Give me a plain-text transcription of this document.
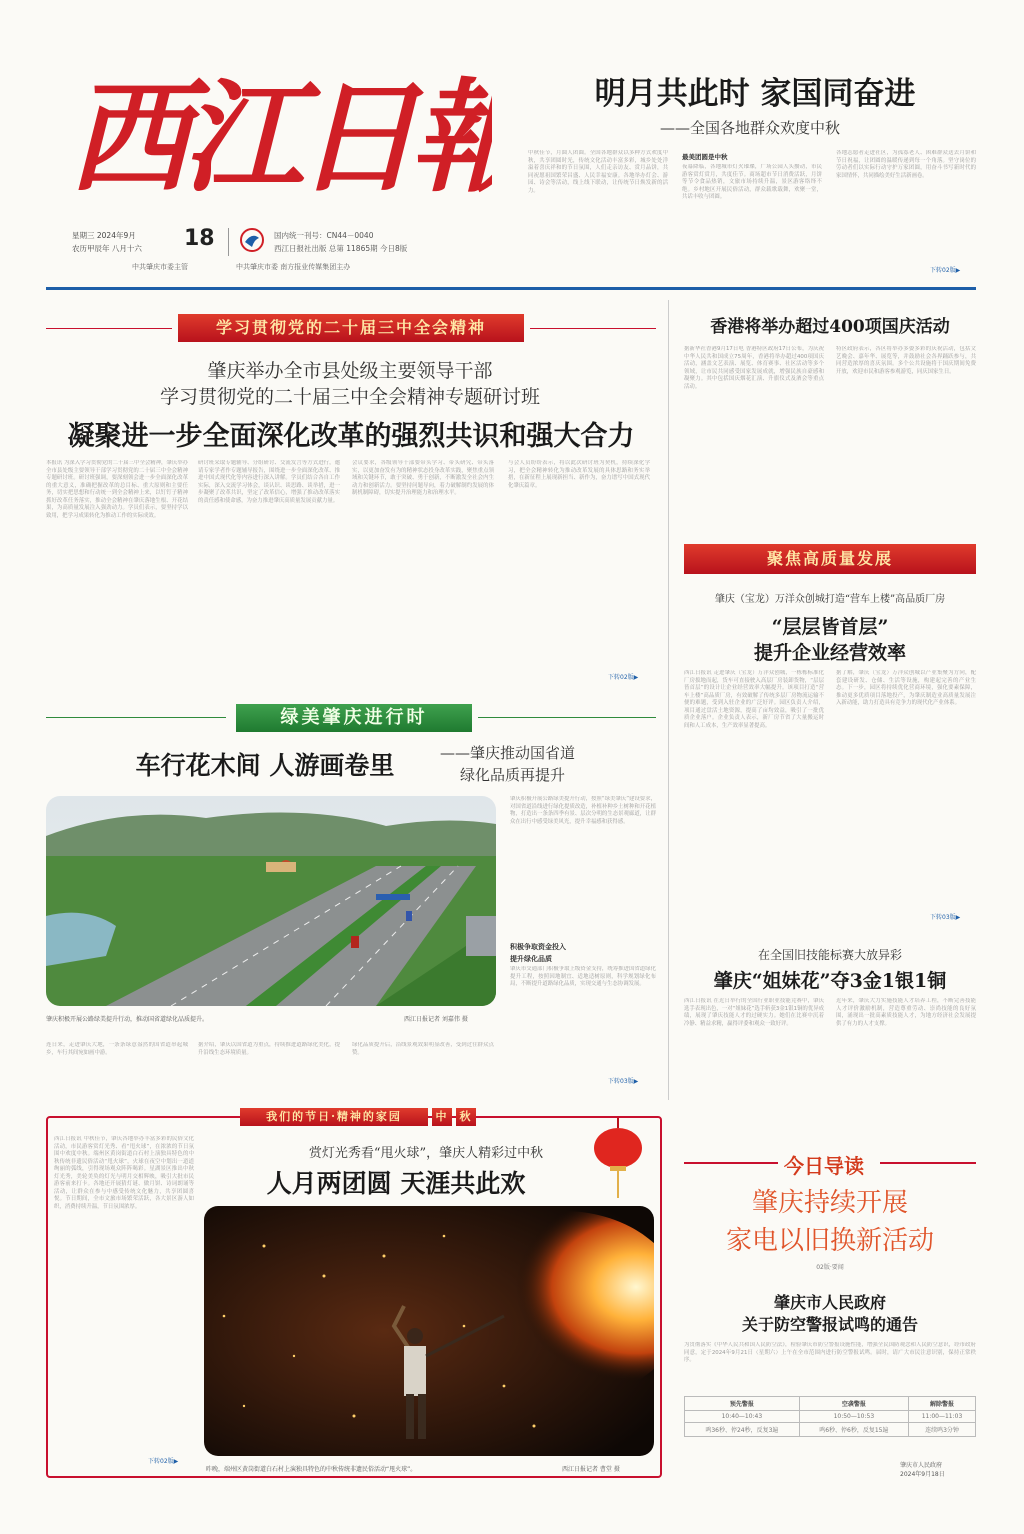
西江日報
星期三 2024年9月
农历甲辰年 八月十六 18	国内统一刊号：CN44－0040
西江日报社出版 总第 11865期 今日8版
中共肇庆市委主管	中共肇庆市委 南方报业传媒集团主办
明月共此时 家国同奋进
——全国各地群众欢度中秋
中秋佳节，月圆人团圆。全国各地群众以多种方式欢度中秋，共享团圆时光，传统文化活动丰富多彩，城乡处处洋溢着喜庆祥和的节日氛围，人们走亲访友、赏月品饼，共同祝愿祖国繁荣昌盛、人民幸福安康。各地举办灯会、游园、诗会等活动，线上线下联动，让传统节日焕发新的活力。
最美团圆是中秋
夜幕降临，各地城市灯火璀璨，广场公园人头攒动，市民游客赏灯赏月，共度佳节。商场超市节日消费活跃，月饼等节令食品热销，文旅市场持续升温，景区游客络绎不绝。乡村地区开展民俗活动，群众载歌载舞，欢聚一堂，共话丰收与团圆。
各地志愿者走进社区，为孤寡老人、困难群众送去月饼和节日祝福，让团圆的温暖传递到每一个角落。坚守岗位的劳动者们以实际行动守护万家团圆，用奋斗书写新时代的家国情怀，共同描绘美好生活新画卷。
下转02版▶
学习贯彻党的二十届三中全会精神
肇庆举办全市县处级主要领导干部
学习贯彻党的二十届三中全会精神专题研讨班
凝聚进一步全面深化改革的强烈共识和强大合力
本报讯 为深入学习贯彻党的二十届三中全会精神，肇庆举办全市县处级主要领导干部学习贯彻党的二十届三中全会精神专题研讨班。研讨班强调，要深刻领会进一步全面深化改革的重大意义，准确把握改革的总目标、重大原则和主要任务，切实把思想和行动统一到全会精神上来，以钉钉子精神抓好改革任务落实，推动全会精神在肇庆落地生根、开花结果，为高质量发展注入强劲动力。学员们表示，要坚持学以致用，把学习成果转化为推动工作的实际成效。
研讨班采取专题辅导、分组研讨、交流发言等方式进行，邀请专家学者作专题辅导报告，围绕进一步全面深化改革、推进中国式现代化等内容进行深入讲解。学员们结合各自工作实际，深入交流学习体会，谈认识、谈思路、谈举措，进一步凝聚了改革共识，坚定了改革信心，增强了推动改革落实的责任感和使命感，为奋力推进肇庆高质量发展贡献力量。
会议要求，各级领导干部要带头学习、带头研究、带头落实，以更加奋发有为的精神状态投身改革实践，聚焦重点领域和关键环节，敢于突破、勇于创新，不断激发全社会内生动力和创新活力。要坚持问题导向，着力破解制约发展的体制机制障碍，切实提升治理能力和治理水平。
与会人员纷纷表示，将以此次研讨班为契机，持续深化学习，把全会精神转化为推动改革发展的具体思路和务实举措，在新征程上展现新担当、新作为，奋力谱写中国式现代化肇庆篇章。
下转02版▶
香港将举办超过400项国庆活动
据新华社香港9月17日电 香港特区政府17日公布，为庆祝中华人民共和国成立75周年，香港将举办超过400项国庆活动，涵盖文艺表演、展览、体育赛事、社区活动等多个领域，让市民共同感受国家发展成就，增强民族自豪感和凝聚力。其中包括国庆烟花汇演、升旗仪式及酒会等重点活动。
特区政府表示，各区将举办多姿多彩的庆祝活动，包括文艺晚会、嘉年华、展览等，并鼓励社会各界踊跃参与，共同营造浓厚的喜庆氛围。多个公共设施将于国庆期间免费开放，欢迎市民和游客参观游览，同庆国家生日。
聚焦高质量发展
肇庆（宝龙）万洋众创城打造“营车上楼”高品质厂房
“层层皆首层”
提升企业经营效率
西江日报讯 走进肇庆（宝龙）万洋众创城，一栋栋标准化厂房拔地而起，货车可直接驶入高层厂房装卸货物，“层层皆首层”的设计让企业经营效率大幅提升。该项目打造“营车上楼”高品质厂房，有效破解了传统多层厂房物流运输不便的难题，受到入驻企业的广泛好评。园区负责人介绍，项目通过盘活土地资源，提高了亩均效益，吸引了一批优质企业落户。企业负责人表示，新厂房节省了大量搬运时间和人工成本，生产效率显著提高。
据了解，肇庆（宝龙）万洋众创城以产业集聚为方向，配套建设研发、仓储、生活等设施，构建起完善的产业生态。下一步，园区将持续优化营商环境，强化要素保障，推动更多优质项目落地投产，为肇庆制造业高质量发展注入新动能，助力打造具有竞争力的现代化产业体系。
下转03版▶
在全国旧技能标赛大放异彩
肇庆“姐妹花”夺3金1银1铜
西江日报讯 在近日举行的全国行业职业技能竞赛中，肇庆选手表现出色，一对“姐妹花”选手斩获3金1银1铜的优异成绩，展现了肇庆技能人才的过硬实力。她们在比赛中沉着冷静、精益求精，赢得评委和观众一致好评。
近年来，肇庆大力实施技能人才培养工程，不断完善技能人才评价激励机制，营造尊重劳动、崇尚技能的良好氛围，涌现出一批高素质技能人才，为地方经济社会发展提供了有力的人才支撑。
绿美肇庆进行时
车行花木间 人游画卷里	——肇庆推动国省道
绿化品质再提升
肇庆积极开展公路绿美提升行动，推动国省道绿化品质提升。	西江日报记者 刘嘉伟 摄
肇庆积极开展公路绿美提升行动，按照“绿美肇庆”建设要求，对国省道沿线进行绿化提质改造，补植补种乡土树种和开花植物，打造出一条条四季有景、层次分明的生态景观廊道，让群众在出行中感受绿美风光，提升幸福感和获得感。
积极争取资金投入
提升绿化品质
肇庆市交通部门积极争取上级资金支持，统筹推进国省道绿化提升工程，按照因地制宜、适地适树原则，科学规划绿化布局，不断提升道路绿化品质，实现交通与生态协调发展。
连日来，走进肇庆大地，一条条绿意盎然的国省道串起城乡，车行其间宛如画中游。
据介绍，肇庆以国省道为重点，持续推进道路绿化美化，提升沿线生态环境质量。
绿化品质提升后，沿线景观效果明显改善，受到过往群众点赞。
下转03版▶
我们的节日·精神的家园	中	秋
西江日报讯 中秋佳节，肇庆各地举办丰富多彩的民俗文化活动，市民游客赏灯光秀、看“甩火球”，在浓浓的节日氛围中欢度中秋。端州区黄岗街道白石村上演独具特色的中秋传统非遗民俗活动“甩火球”，火球在夜空中划出一道道绚丽的弧线，引得现场观众阵阵喝彩。星湖景区推出中秋灯光秀，美轮美奂的灯光与明月交相辉映，吸引大批市民游客前来打卡。各地还开展猜灯谜、做月饼、诗词朗诵等活动，让群众在参与中感受传统文化魅力，共享团圆喜悦。节日期间，全市文旅市场繁荣活跃，各大景区游人如织，消费持续升温，节日氛围浓厚。
下转02版▶
赏灯光秀看“甩火球”，肇庆人精彩过中秋
人月两团圆 天涯共此欢
昨晚，端州区黄岗街道白石村上演独具特色的中秋传统非遗民俗活动“甩火球”。	西江日报记者 曹堂 摄
今日导读
肇庆持续开展
家电以旧换新活动
02版·要闻
肇庆市人民政府
关于防空警报试鸣的通告
为贯彻落实《中华人民共和国人民防空法》，检验肇庆市防空警报设施性能，增强全民国防观念和人民防空意识，经市政府同意，定于2024年9月21日（星期六）上午在全市范围内进行防空警报试鸣。届时，请广大市民注意识别，保持正常秩序。
预先警报	空袭警报	解除警报
10:40—10:43	10:50—10:53	11:00—11:03
鸣36秒、停24秒，反复3遍	鸣6秒、停6秒，反复15遍	连续鸣3分钟
肇庆市人民政府
2024年9月18日
